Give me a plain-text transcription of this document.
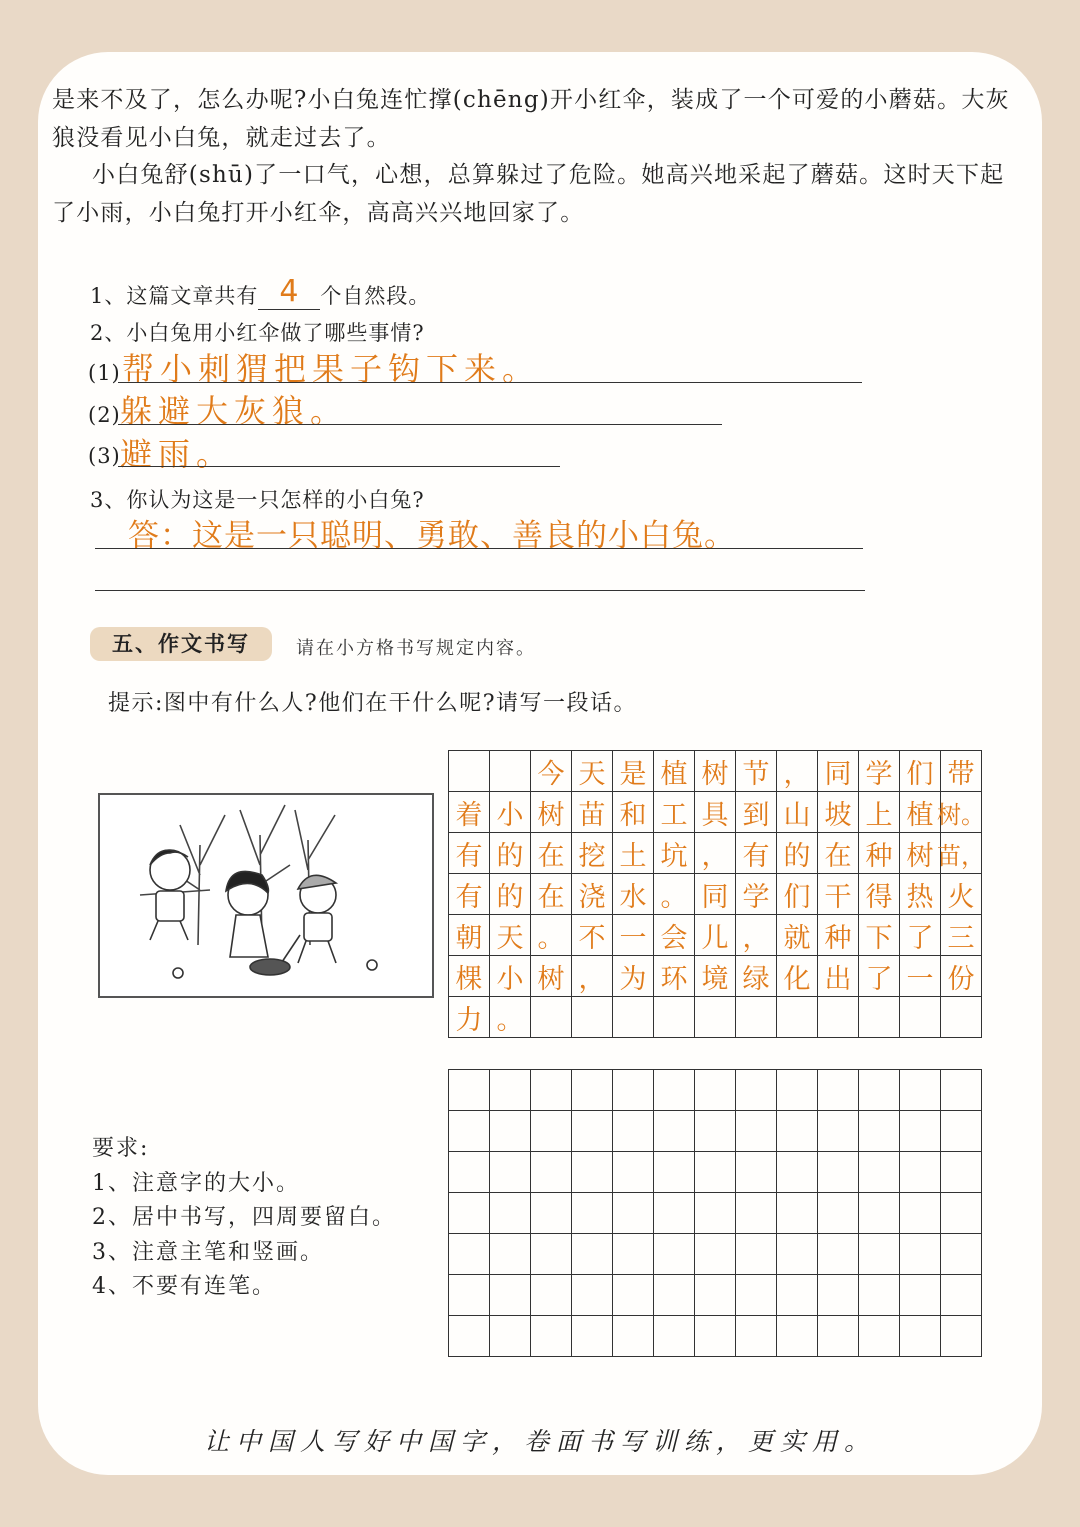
是来不及了，怎么办呢?小白兔连忙撑(chēng)开小红伞，装成了一个可爱的小蘑菇。大灰狼没看见小白兔，就走过去了。

小白兔舒(shū)了一口气，心想，总算躲过了危险。她高兴地采起了蘑菇。这时天下起了小雨，小白兔打开小红伞，高高兴兴地回家了。

1、这篇文章共有 4 个自然段。
2、小白兔用小红伞做了哪些事情?
(1) 帮小刺猬把果子钩下来。
(2) 躲避大灰狼。
(3) 避雨。
3、你认为这是一只怎样的小白兔?
答：这是一只聪明、勇敢、善良的小白兔。
五、作文书写	请在小方格书写规定内容。
提示:图中有什么人?他们在干什么呢?请写一段话。
今 天 是 植 树 节 ， 同 学 们 带
着 小 树 苗 和 工 具 到 山 坡 上 植 树。
有 的 在 挖 土 坑 ， 有 的 在 种 树 苗，
有 的 在 浇 水 。 同 学 们 干 得 热 火
朝 天 。 不 一 会 儿 ， 就 种 下 了 三
棵 小 树 ， 为 环 境 绿 化 出 了 一 份
力 。
要求:
1、注意字的大小。
2、居中书写，四周要留白。
3、注意主笔和竖画。
4、不要有连笔。
让中国人写好中国字，卷面书写训练，更实用。
